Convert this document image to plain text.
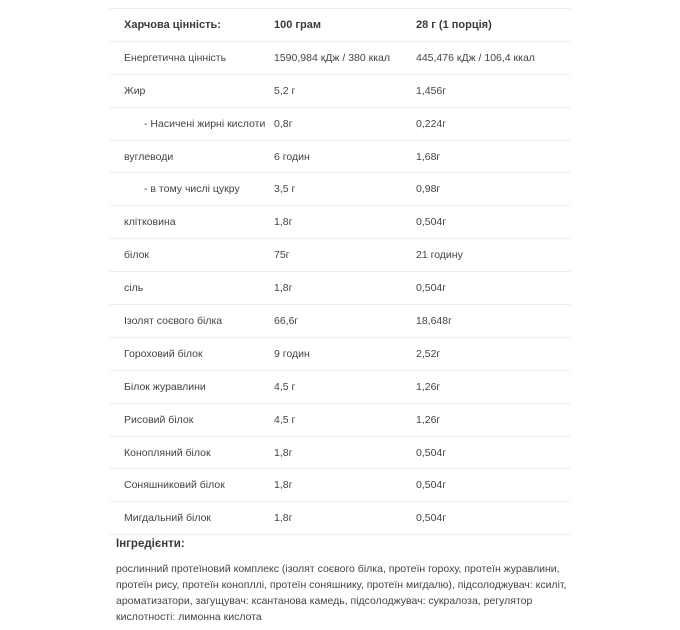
Харчова цінність:	100 грам	28 г (1 порція)
Енергетична цінність	1590,984 кДж / 380 ккал	445,476 кДж / 106,4 ккал
Жир	5,2 г	1,456г
- Насичені жирні кислоти 0,8г	0,224г
вуглеводи	6 годин	1,68г
- в тому числі цукру	3,5 г	0,98г
клітковина	1,8г	0,504г
білок	75г	21 годину
сіль	1,8г	0,504г
Ізолят соєвого білка	66,6г	18,648г
Гороховий білок	9 годин	2,52г
Білок журавлини	4,5 г	1,26г
Рисовий білок	4,5 г	1,26г
Конопляний білок	1,8г	0,504г
Соняшниковий білок	1,8г	0,504г
Мигдальний білок	1,8г	0,504г

Інгредієнти:

рослинний протеїновий комплекс (ізолят соєвого білка, протеїн гороху, протеїн журавлини, протеїн рису, протеїн конопллі, протеїн соняшнику, протеїн мигдалю), підсолоджувач: ксиліт, ароматизатори, загущувач: ксантанова камедь, підсолоджувач: сукралоза, регулятор кислотності: лимонна кислота
